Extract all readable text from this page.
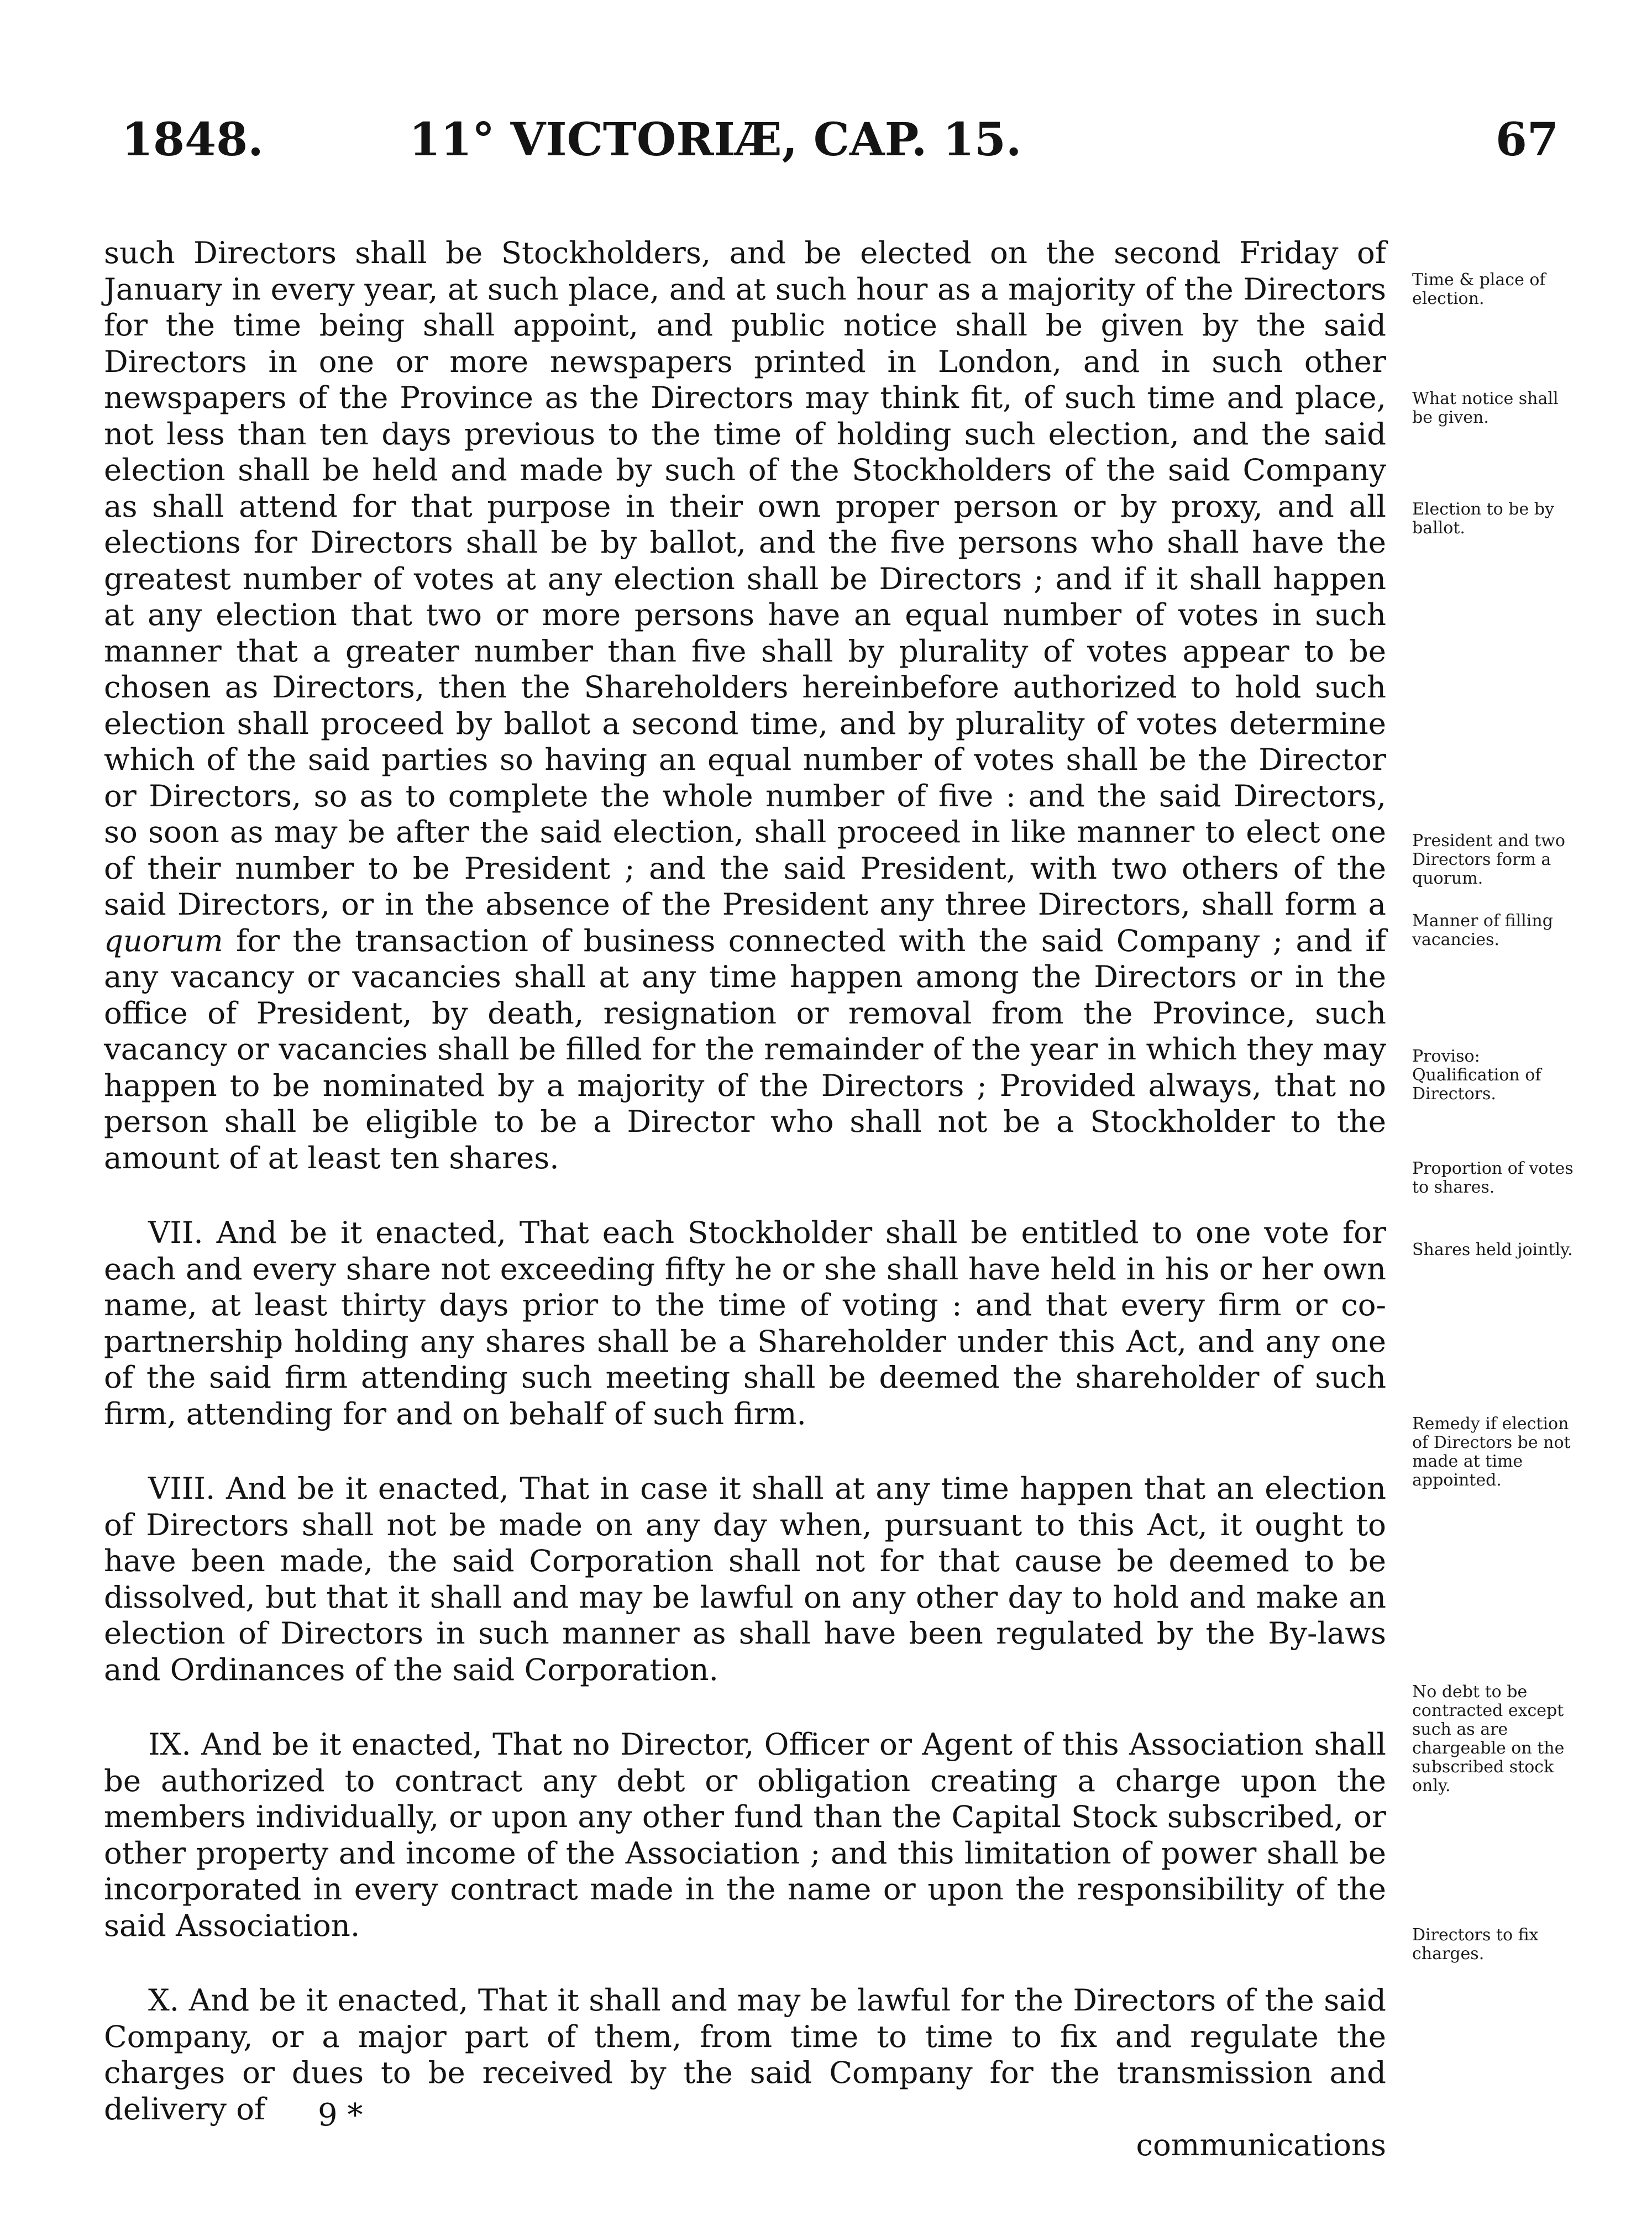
1848.	11° VICTORIÆ, CAP. 15.	67

such Directors shall be Stockholders, and be elected on the second Friday of January in every year, at such place, and at such hour as a majority of the Directors for the time being shall appoint, and public notice shall be given by the said Directors in one or more newspapers printed in London, and in such other newspapers of the Province as the Directors may think fit, of such time and place, not less than ten days previous to the time of holding such election, and the said election shall be held and made by such of the Stockholders of the said Company as shall attend for that purpose in their own proper person or by proxy, and all elections for Directors shall be by ballot, and the five persons who shall have the greatest number of votes at any election shall be Directors ; and if it shall happen at any election that two or more persons have an equal number of votes in such manner that a greater number than five shall by plurality of votes appear to be chosen as Directors, then the Shareholders hereinbefore authorized to hold such election shall proceed by ballot a second time, and by plurality of votes determine which of the said parties so having an equal number of votes shall be the Director or Directors, so as to complete the whole number of five : and the said Directors, so soon as may be after the said election, shall proceed in like manner to elect one of their number to be President ; and the said President, with two others of the said Directors, or in the absence of the President any three Directors, shall form a quorum for the transaction of business connected with the said Company ; and if any vacancy or vacancies shall at any time happen among the Directors or in the office of President, by death, resignation or removal from the Province, such vacancy or vacancies shall be filled for the remainder of the year in which they may happen to be nominated by a majority of the Directors ; Provided always, that no person shall be eligible to be a Director who shall not be a Stockholder to the amount of at least ten shares.

VII. And be it enacted, That each Stockholder shall be entitled to one vote for each and every share not exceeding fifty he or she shall have held in his or her own name, at least thirty days prior to the time of voting : and that every firm or co-partnership holding any shares shall be a Shareholder under this Act, and any one of the said firm attending such meeting shall be deemed the shareholder of such firm, attending for and on behalf of such firm.

VIII. And be it enacted, That in case it shall at any time happen that an election of Directors shall not be made on any day when, pursuant to this Act, it ought to have been made, the said Corporation shall not for that cause be deemed to be dissolved, but that it shall and may be lawful on any other day to hold and make an election of Directors in such manner as shall have been regulated by the By-laws and Ordinances of the said Corporation.

IX. And be it enacted, That no Director, Officer or Agent of this Association shall be authorized to contract any debt or obligation creating a charge upon the members individually, or upon any other fund than the Capital Stock subscribed, or other property and income of the Association ; and this limitation of power shall be incorporated in every contract made in the name or upon the responsibility of the said Association.

X. And be it enacted, That it shall and may be lawful for the Directors of the said Company, or a major part of them, from time to time to fix and regulate the charges or dues to be received by the said Company for the transmission and delivery of

communications
9 *
Time & place of election.
What notice shall be given.
Election to be by ballot.
President and two Directors form a quorum.
Manner of filling vacancies.
Proviso: Qualification of Directors.
Proportion of votes to shares.
Shares held jointly.
Remedy if election of Directors be not made at time appointed.
No debt to be contracted except such as are chargeable on the subscribed stock only.
Directors to fix charges.
